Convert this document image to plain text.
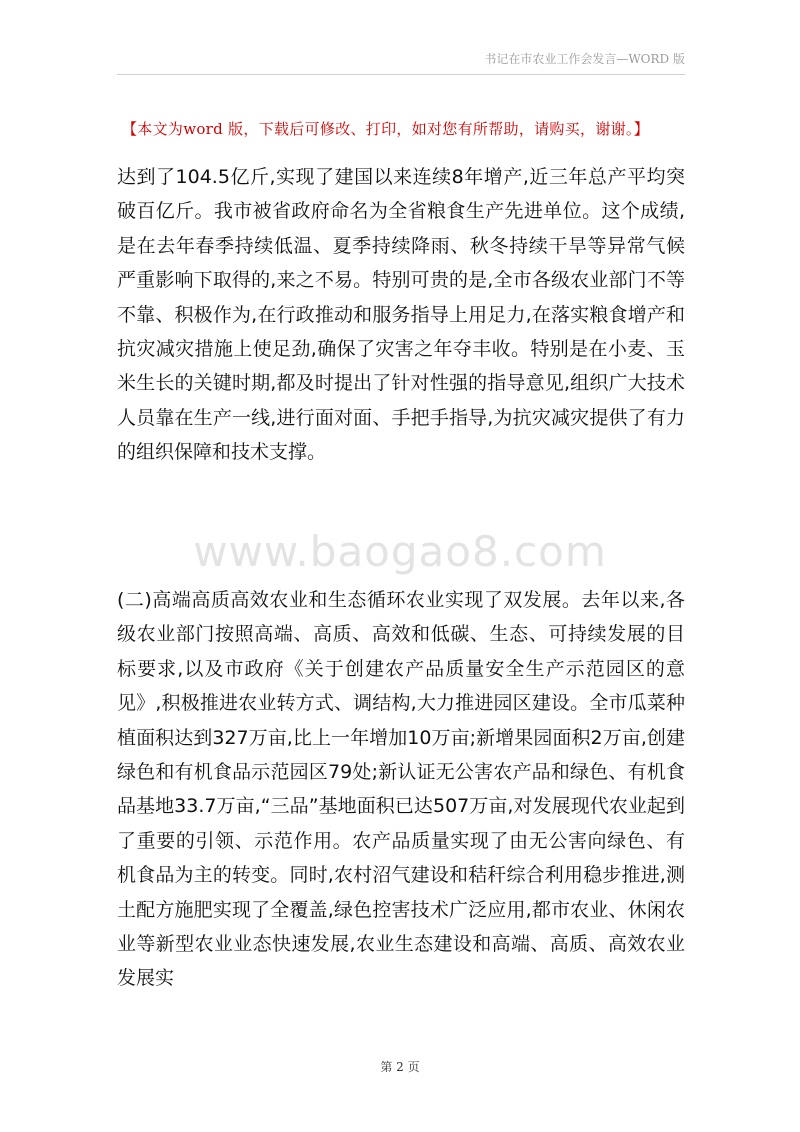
书记在市农业工作会发言—WORD 版
【本文为word 版，下载后可修改、打印，如对您有所帮助，请购买，谢谢。】
达到了104.5亿斤,实现了建国以来连续8年增产,近三年总产平均突破百亿斤。我市被省政府命名为全省粮食生产先进单位。这个成绩,是在去年春季持续低温、夏季持续降雨、秋冬持续干旱等异常气候严重影响下取得的,来之不易。特别可贵的是,全市各级农业部门不等不靠、积极作为,在行政推动和服务指导上用足力,在落实粮食增产和抗灾减灾措施上使足劲,确保了灾害之年夺丰收。特别是在小麦、玉米生长的关键时期,都及时提出了针对性强的指导意见,组织广大技术人员靠在生产一线,进行面对面、手把手指导,为抗灾减灾提供了有力的组织保障和技术支撑。
www.baogao8.com
(二)高端高质高效农业和生态循环农业实现了双发展。去年以来,各级农业部门按照高端、高质、高效和低碳、生态、可持续发展的目标要求,以及市政府《关于创建农产品质量安全生产示范园区的意见》,积极推进农业转方式、调结构,大力推进园区建设。全市瓜菜种植面积达到327万亩,比上一年增加10万亩;新增果园面积2万亩,创建绿色和有机食品示范园区79处;新认证无公害农产品和绿色、有机食品基地33.7万亩,“三品”基地面积已达507万亩,对发展现代农业起到了重要的引领、示范作用。农产品质量实现了由无公害向绿色、有机食品为主的转变。同时,农村沼气建设和秸秆综合利用稳步推进,测土配方施肥实现了全覆盖,绿色控害技术广泛应用,都市农业、休闲农业等新型农业业态快速发展,农业生态建设和高端、高质、高效农业发展实
第 2 页
